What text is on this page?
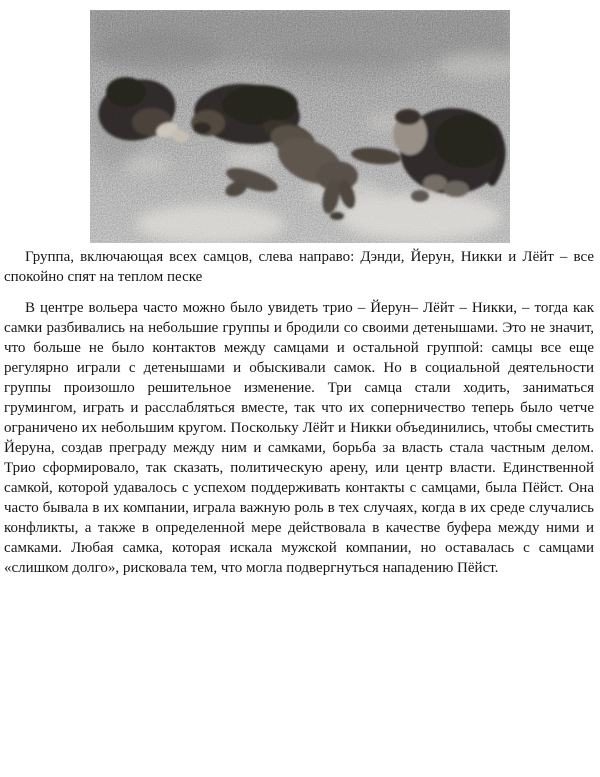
Группа, включающая всех самцов, слева направо: Дэнди, Йерун, Никки и Лёйт – все спокойно спят на теплом песке

В центре вольера часто можно было увидеть трио – Йерун– Лёйт – Никки, – тогда как самки разбивались на небольшие группы и бродили со своими детенышами. Это не значит, что больше не было контактов между самцами и остальной группой: самцы все еще регулярно играли с детенышами и обыскивали самок. Но в социальной деятельности группы произошло решительное изменение. Три самца стали ходить, заниматься грумингом, играть и расслабляться вместе, так что их соперничество теперь было четче ограничено их небольшим кругом. Поскольку Лёйт и Никки объединились, чтобы сместить Йеруна, создав преграду между ним и самками, борьба за власть стала частным делом. Трио сформировало, так сказать, политическую арену, или центр власти. Единственной самкой, которой удавалось с успехом поддерживать контакты с самцами, была Пёйст. Она часто бывала в их компании, играла важную роль в тех случаях, когда в их среде случались конфликты, а также в определенной мере действовала в качестве буфера между ними и самками. Любая самка, которая искала мужской компании, но оставалась с самцами «слишком долго», рисковала тем, что могла подвергнуться нападению Пёйст.
